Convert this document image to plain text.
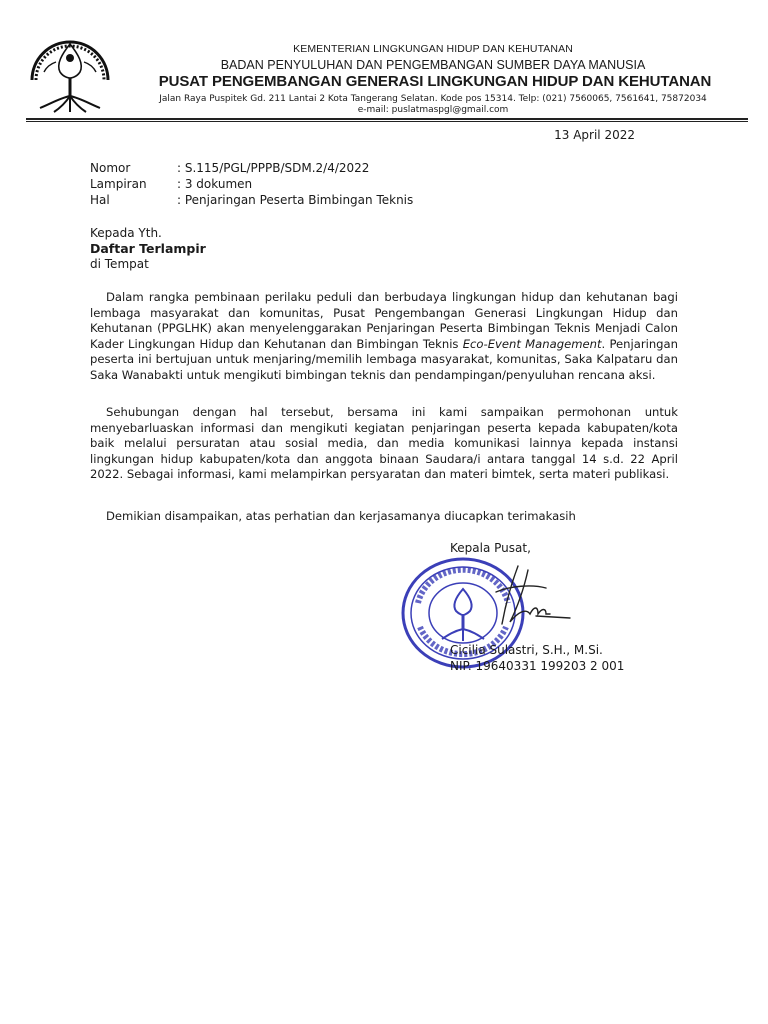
KEMENTERIAN LINGKUNGAN HIDUP DAN KEHUTANAN
BADAN PENYULUHAN DAN PENGEMBANGAN SUMBER DAYA MANUSIA
PUSAT PENGEMBANGAN GENERASI LINGKUNGAN HIDUP DAN KEHUTANAN
Jalan Raya Puspitek Gd. 211 Lantai 2 Kota Tangerang Selatan. Kode pos 15314. Telp: (021) 7560065, 7561641, 75872034
e-mail: puslatmaspgl@gmail.com
13 April 2022
Nomor	: S.115/PGL/PPPB/SDM.2/4/2022
Lampiran	: 3 dokumen
Hal	: Penjaringan Peserta Bimbingan Teknis
Kepada Yth.
Daftar Terlampir
di Tempat

Dalam rangka pembinaan perilaku peduli dan berbudaya lingkungan hidup dan kehutanan bagi lembaga masyarakat dan komunitas, Pusat Pengembangan Generasi Lingkungan Hidup dan Kehutanan (PPGLHK) akan menyelenggarakan Penjaringan Peserta Bimbingan Teknis Menjadi Calon Kader Lingkungan Hidup dan Kehutanan dan Bimbingan Teknis Eco-Event Management. Penjaringan peserta ini bertujuan untuk menjaring/memilih lembaga masyarakat, komunitas, Saka Kalpataru dan Saka Wanabakti untuk mengikuti bimbingan teknis dan pendampingan/penyuluhan rencana aksi.

Sehubungan dengan hal tersebut, bersama ini kami sampaikan permohonan untuk menyebarluaskan informasi dan mengikuti kegiatan penjaringan peserta kepada kabupaten/kota baik melalui persuratan atau sosial media, dan media komunikasi lainnya kepada instansi lingkungan hidup kabupaten/kota dan anggota binaan Saudara/i antara tanggal 14 s.d. 22 April 2022. Sebagai informasi, kami melampirkan persyaratan dan materi bimtek, serta materi publikasi.

Demikian disampaikan, atas perhatian dan kerjasamanya diucapkan terimakasih

Kepala Pusat,
Cicilia Sulastri, S.H., M.Si.
NIP. 19640331 199203 2 001
